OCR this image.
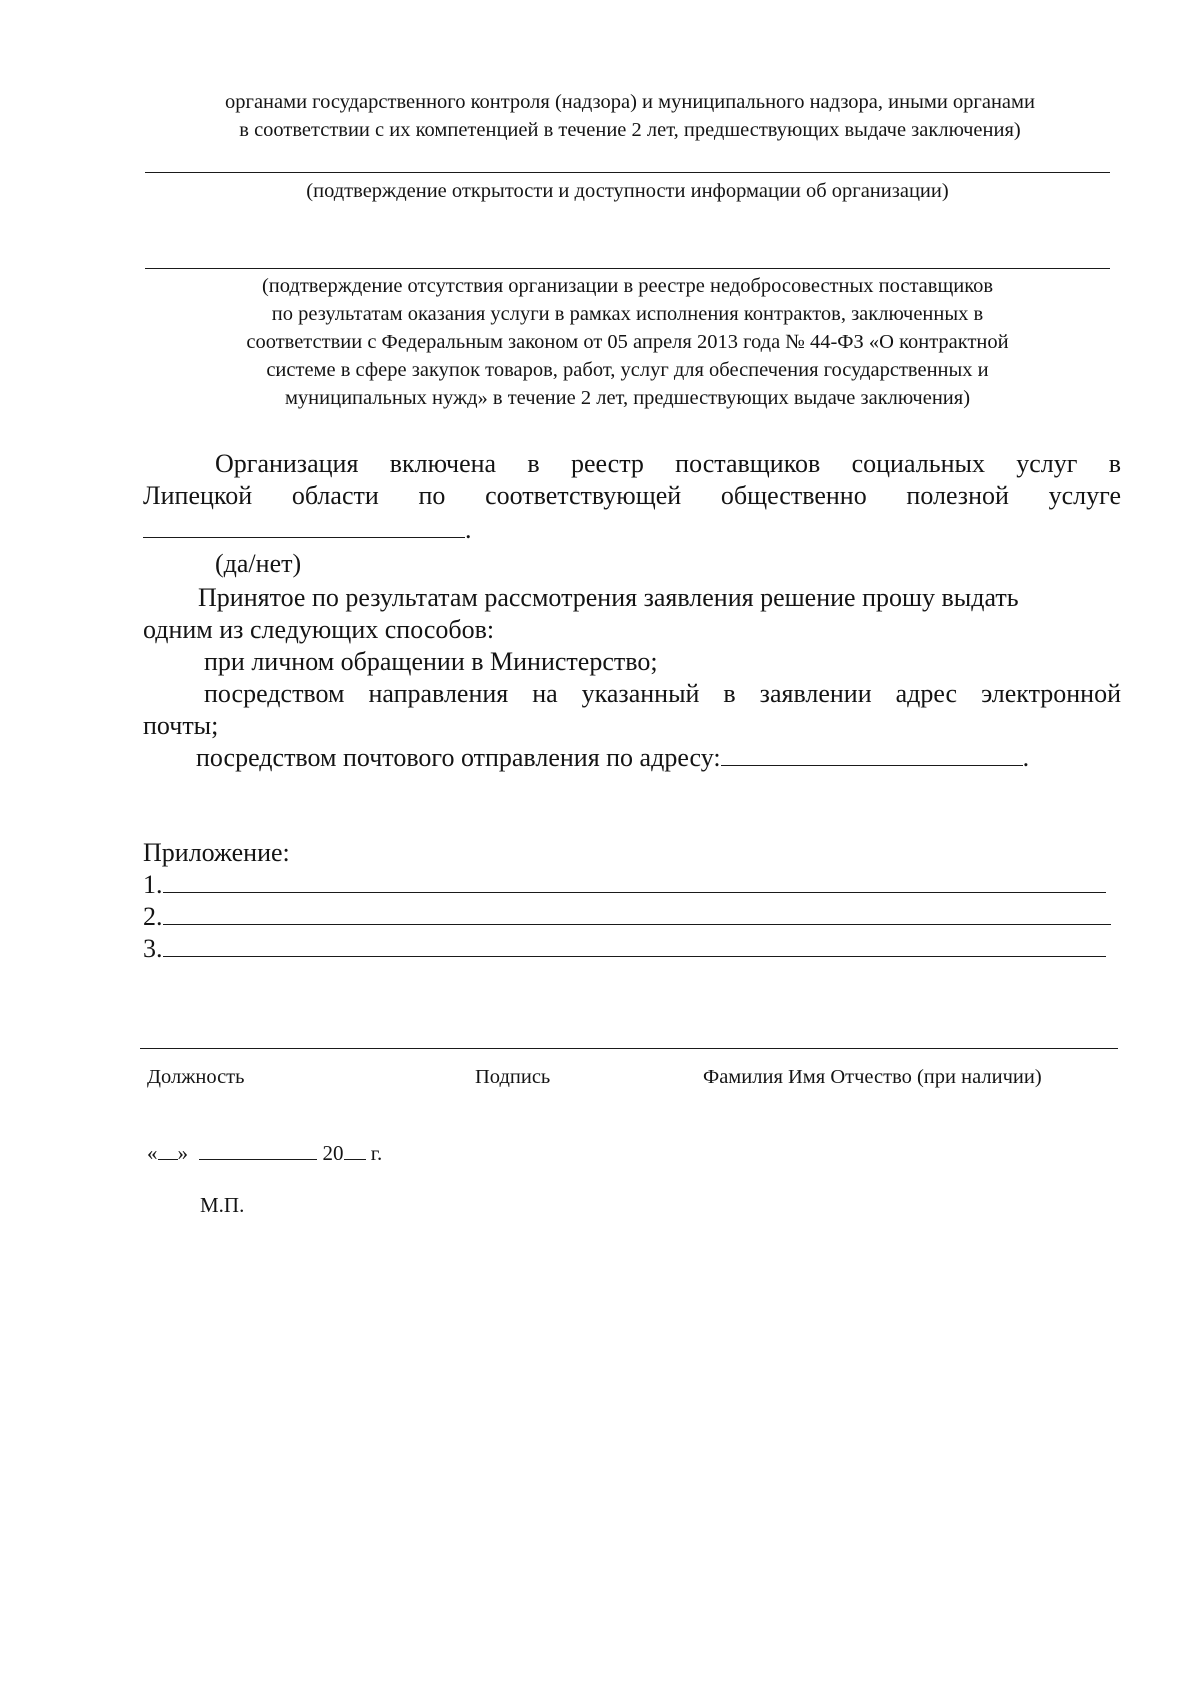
органами государственного контроля (надзора) и муниципального надзора, иными органами
в соответствии с их компетенцией в течение 2 лет, предшествующих выдаче заключения)
(подтверждение открытости и доступности информации об организации)
(подтверждение отсутствия организации в реестре недобросовестных поставщиков
по результатам оказания услуги в рамках исполнения контрактов, заключенных в
соответствии с Федеральным законом от 05 апреля 2013 года № 44-ФЗ «О контрактной
системе в сфере закупок товаров, работ, услуг для обеспечения государственных и
муниципальных нужд» в течение 2 лет, предшествующих выдаче заключения)
Организация включена в реестр поставщиков социальных услуг в
Липецкой области по соответствующей общественно полезной услуге
.
(да/нет)
Принятое по результатам рассмотрения заявления решение прошу выдать
одним из следующих способов:
при личном обращении в Министерство;
посредством направления на указанный в заявлении адрес электронной
почты;
посредством почтового отправления по адресу:	.
Приложение:
1.
2.
3.
Должность	Подпись	Фамилия Имя Отчество (при наличии)
« »	20 г.
М.П.
